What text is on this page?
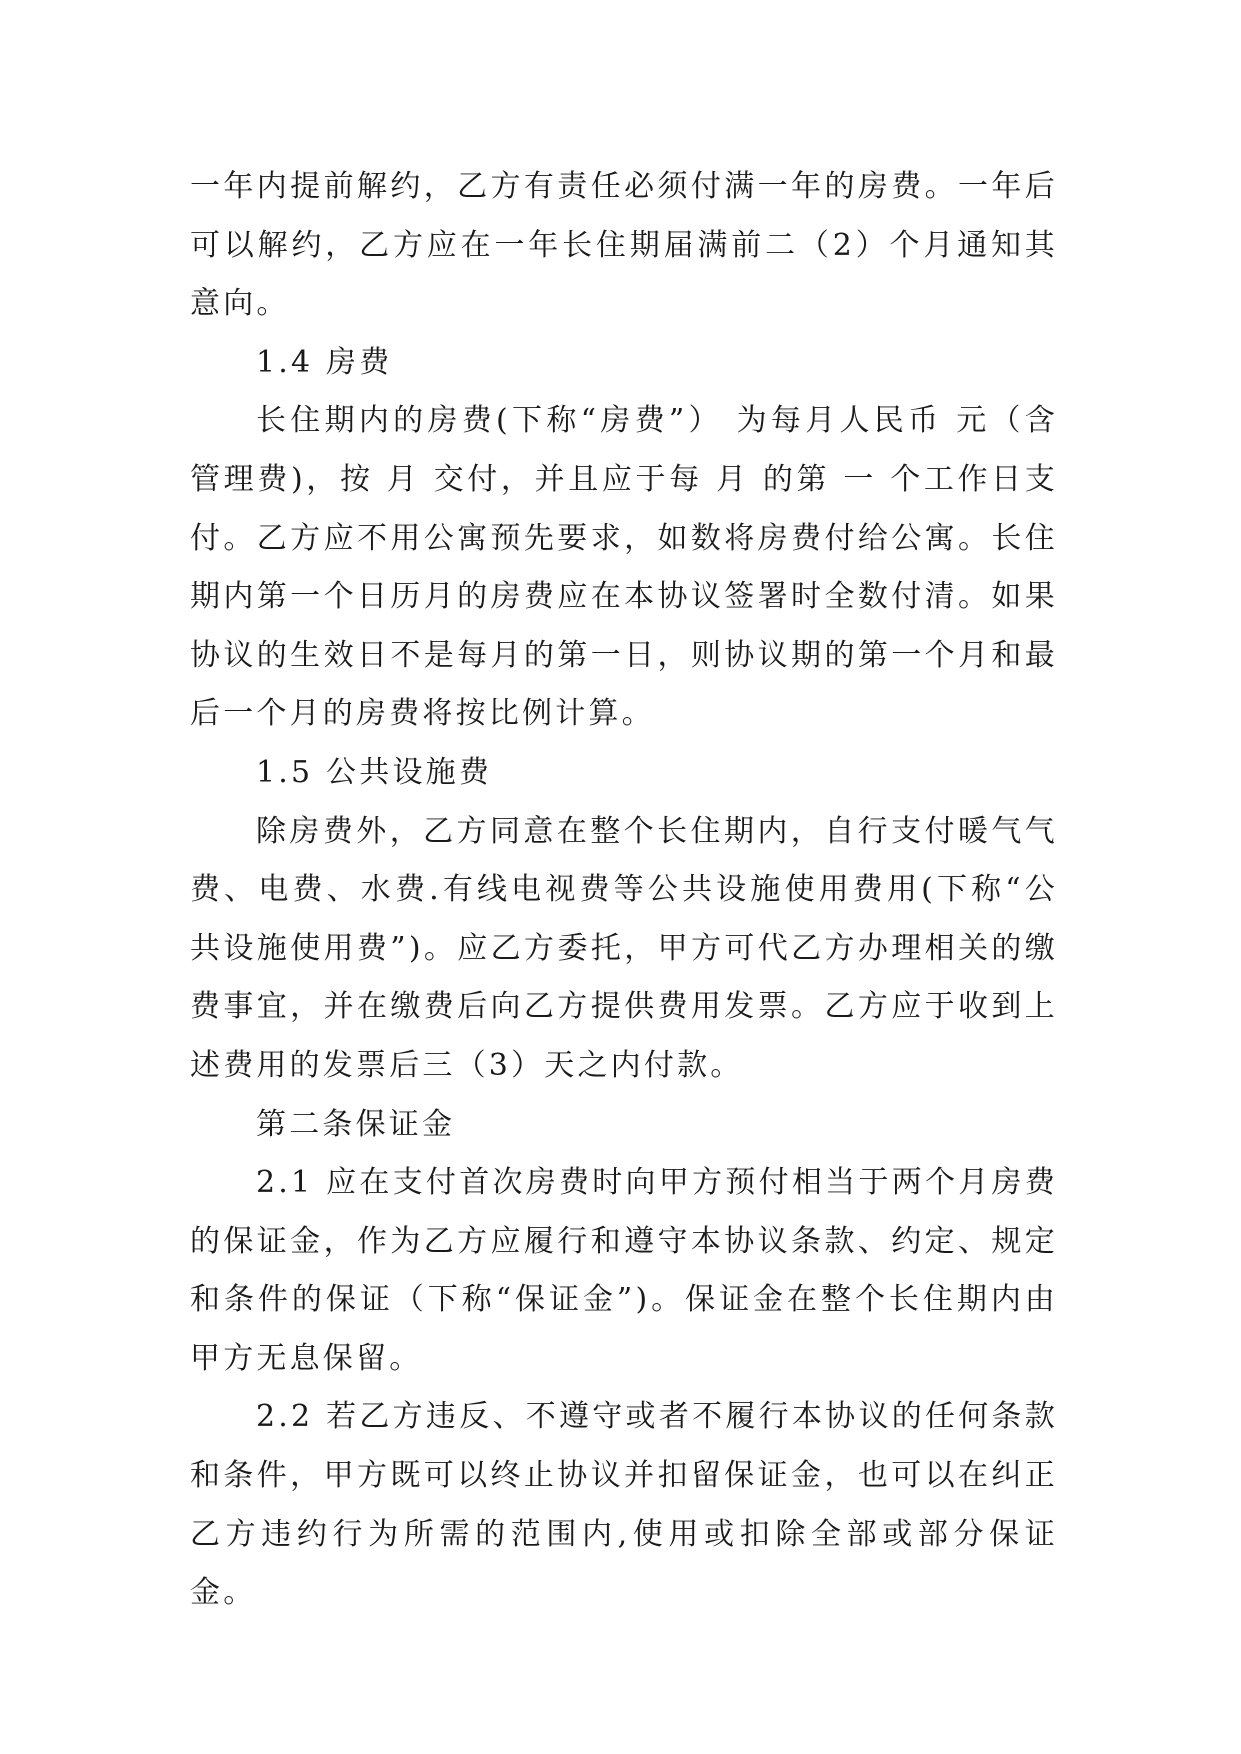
一年内提前解约，乙方有责任必须付满一年的房费。一年后可以解约，乙方应在一年长住期届满前二（2）个月通知其意向。

1.4 房费

长住期内的房费(下称“房费”） 为每月人民币 元（含管理费)，按 月 交付，并且应于每 月 的第 一 个工作日支付。乙方应不用公寓预先要求，如数将房费付给公寓。长住期内第一个日历月的房费应在本协议签署时全数付清。如果协议的生效日不是每月的第一日，则协议期的第一个月和最后一个月的房费将按比例计算。

1.5 公共设施费

除房费外，乙方同意在整个长住期内，自行支付暖气气费、电费、水费.有线电视费等公共设施使用费用(下称“公共设施使用费”)。应乙方委托，甲方可代乙方办理相关的缴费事宜，并在缴费后向乙方提供费用发票。乙方应于收到上述费用的发票后三（3）天之内付款。

第二条保证金

2.1 应在支付首次房费时向甲方预付相当于两个月房费的保证金，作为乙方应履行和遵守本协议条款、约定、规定和条件的保证（下称“保证金”)。保证金在整个长住期内由甲方无息保留。

2.2 若乙方违反、不遵守或者不履行本协议的任何条款和条件，甲方既可以终止协议并扣留保证金，也可以在纠正乙方违约行为所需的范围内,使用或扣除全部或部分保证金。
